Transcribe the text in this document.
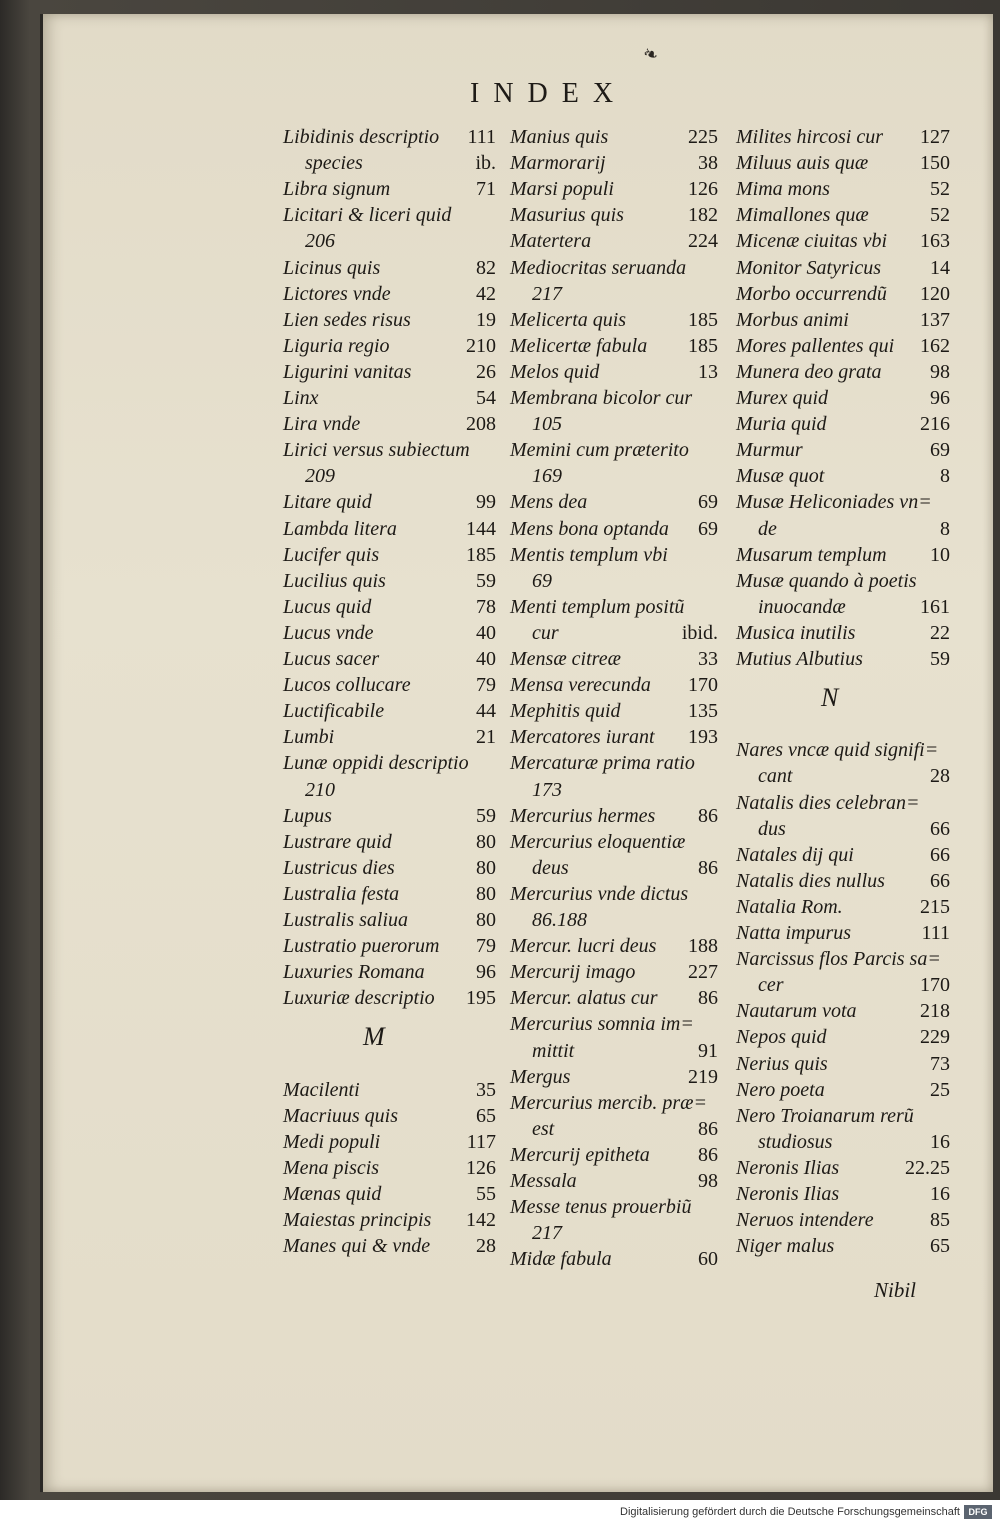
❧
INDEX
Libidinis descriptio 111
species	ib.
Libra signum	71
Licitari & liceri quid
206
Licinus quis	82
Lictores vnde	42
Lien sedes risus	19
Liguria regio	210
Ligurini vanitas	26
Linx	54
Lira vnde	208
Lirici versus subiectum
209
Litare quid	99
Lambda litera	144
Lucifer quis	185
Lucilius quis	59
Lucus quid	78
Lucus vnde	40
Lucus sacer	40
Lucos collucare	79
Luctificabile	44
Lumbi	21
Lunæ oppidi descriptio
210
Lupus	59
Lustrare quid	80
Lustricus dies	80
Lustralia festa	80
Lustralis saliua	80
Lustratio puerorum 79
Luxuries Romana	96
Luxuriæ descriptio 195
M
Macilenti	35
Macriuus quis	65
Medi populi	117
Mena piscis	126
Mænas quid	55
Maiestas principis 142
Manes qui & vnde 28
Manius quis	225
Marmorarij	38
Marsi populi	126
Masurius quis	182
Matertera	224
Mediocritas seruanda
217
Melicerta quis	185
Melicertæ fabula 185
Melos quid	13
Membrana bicolor cur
105
Memini cum præterito
169
Mens dea	69
Mens bona optanda 69
Mentis templum vbi
69
Menti templum positũ
cur	ibid.
Mensæ citreæ	33
Mensa verecunda 170
Mephitis quid	135
Mercatores iurant 193
Mercaturæ prima ratio
173
Mercurius hermes 86
Mercurius eloquentiæ
deus	86
Mercurius vnde dictus
86.188
Mercur. lucri deus 188
Mercurij imago	227
Mercur. alatus cur 86
Mercurius somnia im=
mittit	91
Mergus	219
Mercurius mercib. præ=
est	86
Mercurij epitheta 86
Messala	98
Messe tenus prouerbiũ
217
Midæ fabula	60
Milites hircosi cur 127
Miluus auis quæ	150
Mima mons	52
Mimallones quæ	52
Micenæ ciuitas vbi 163
Monitor Satyricus 14
Morbo occurrendũ 120
Morbus animi	137
Mores pallentes qui 162
Munera deo grata 98
Murex quid	96
Muria quid	216
Murmur	69
Musæ quot	8
Musæ Heliconiades vn=
de	8
Musarum templum 10
Musæ quando à poetis
inuocandæ	161
Musica inutilis	22
Mutius Albutius	59
N
Nares vncæ quid signifi=
cant	28
Natalis dies celebran=
dus	66
Natales dij qui	66
Natalis dies nullus 66
Natalia Rom.	215
Natta impurus	111
Narcissus flos Parcis sa=
cer	170
Nautarum vota	218
Nepos quid	229
Nerius quis	73
Nero poeta	25
Nero Troianarum rerũ
studiosus	16
Neronis Ilias	22.25
Neronis Ilias	16
Neruos intendere	85
Niger malus	65
Nibil
Digitalisierung gefördert durch die Deutsche Forschungsgemeinschaft DFG
